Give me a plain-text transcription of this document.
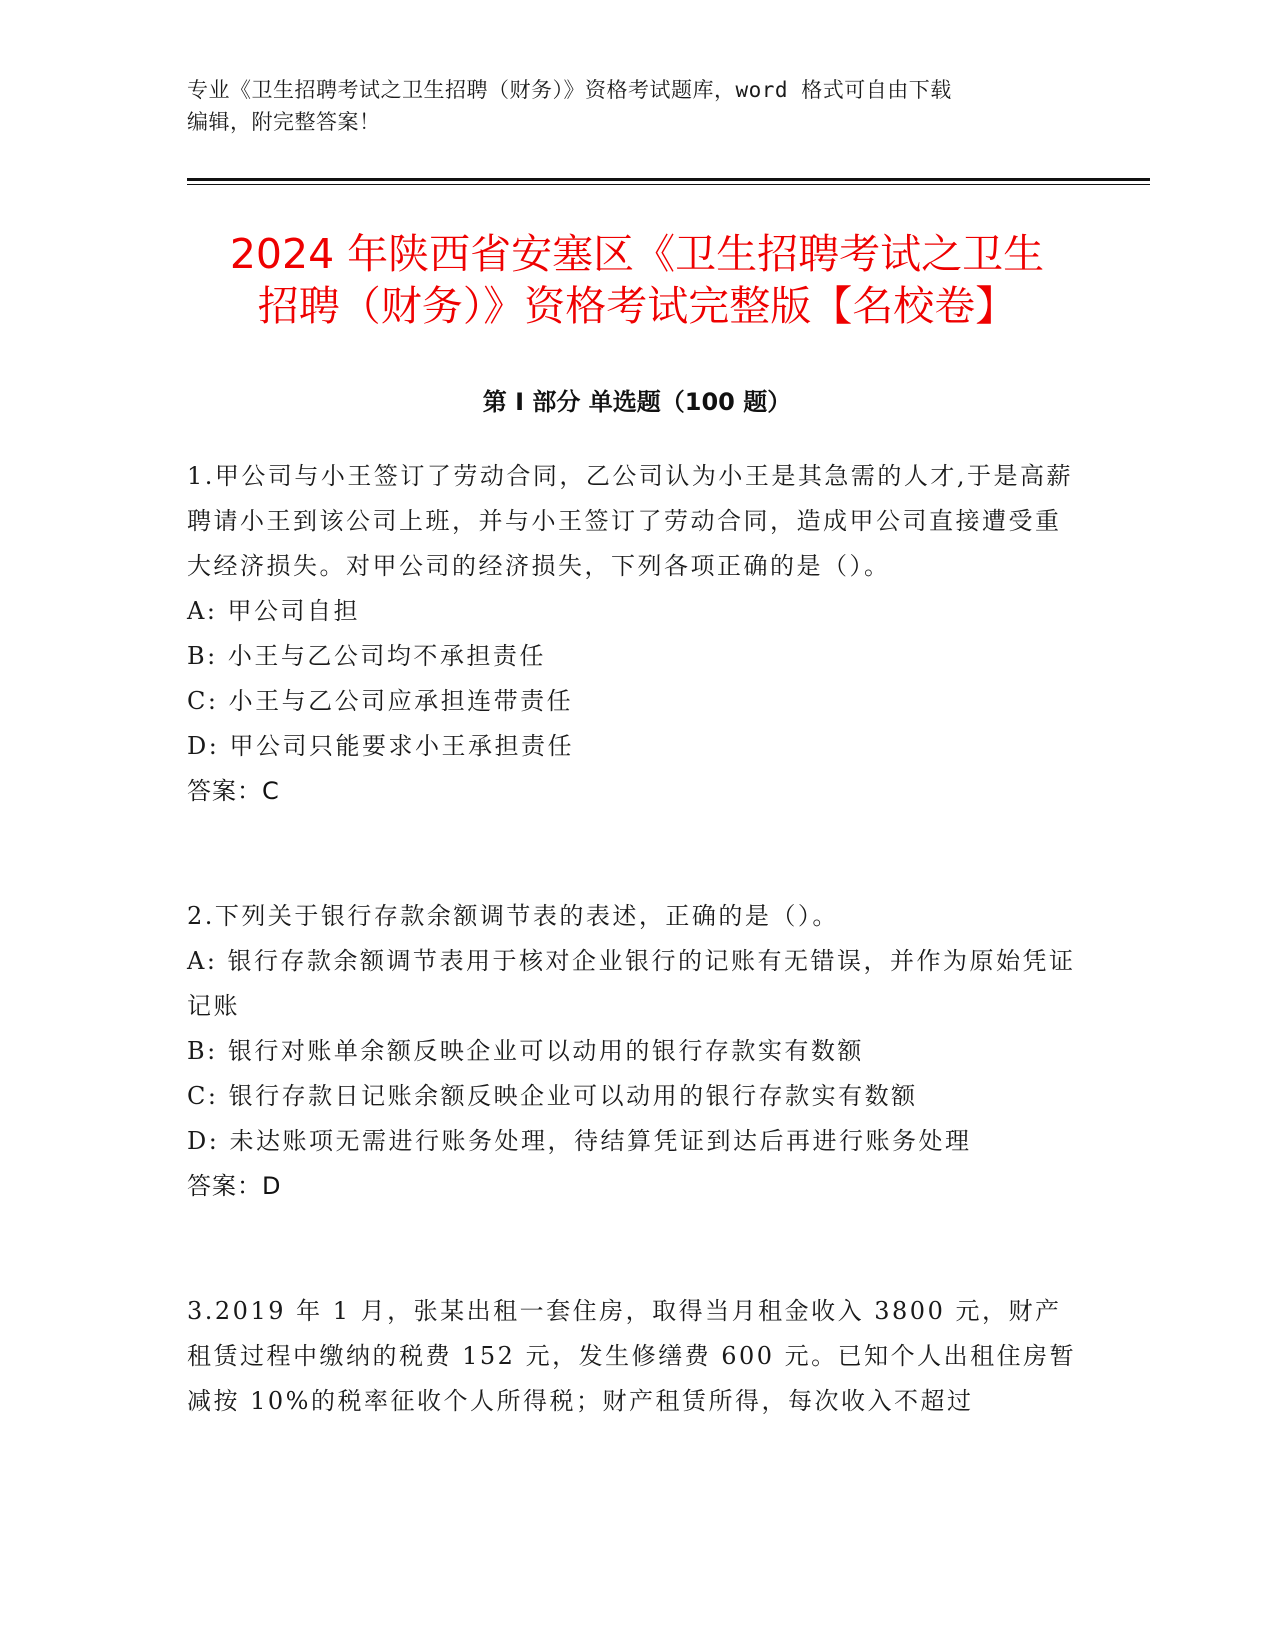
专业《卫生招聘考试之卫生招聘（财务）》资格考试题库，word 格式可自由下载
编辑，附完整答案！
2024 年陕西省安塞区《卫生招聘考试之卫生
招聘（财务）》资格考试完整版【名校卷】
第 I 部分 单选题（100 题）

1.甲公司与小王签订了劳动合同，乙公司认为小王是其急需的人才,于是高薪聘请小王到该公司上班，并与小王签订了劳动合同，造成甲公司直接遭受重大经济损失。对甲公司的经济损失，下列各项正确的是（）。

A: 甲公司自担

B: 小王与乙公司均不承担责任

C: 小王与乙公司应承担连带责任

D: 甲公司只能要求小王承担责任

答案：C

2.下列关于银行存款余额调节表的表述，正确的是（）。

A: 银行存款余额调节表用于核对企业银行的记账有无错误，并作为原始凭证记账

B: 银行对账单余额反映企业可以动用的银行存款实有数额

C: 银行存款日记账余额反映企业可以动用的银行存款实有数额

D: 未达账项无需进行账务处理，待结算凭证到达后再进行账务处理

答案：D

3.2019 年 1 月，张某出租一套住房，取得当月租金收入 3800 元，财产租赁过程中缴纳的税费 152 元，发生修缮费 600 元。已知个人出租住房暂减按 10%的税率征收个人所得税；财产租赁所得，每次收入不超过
